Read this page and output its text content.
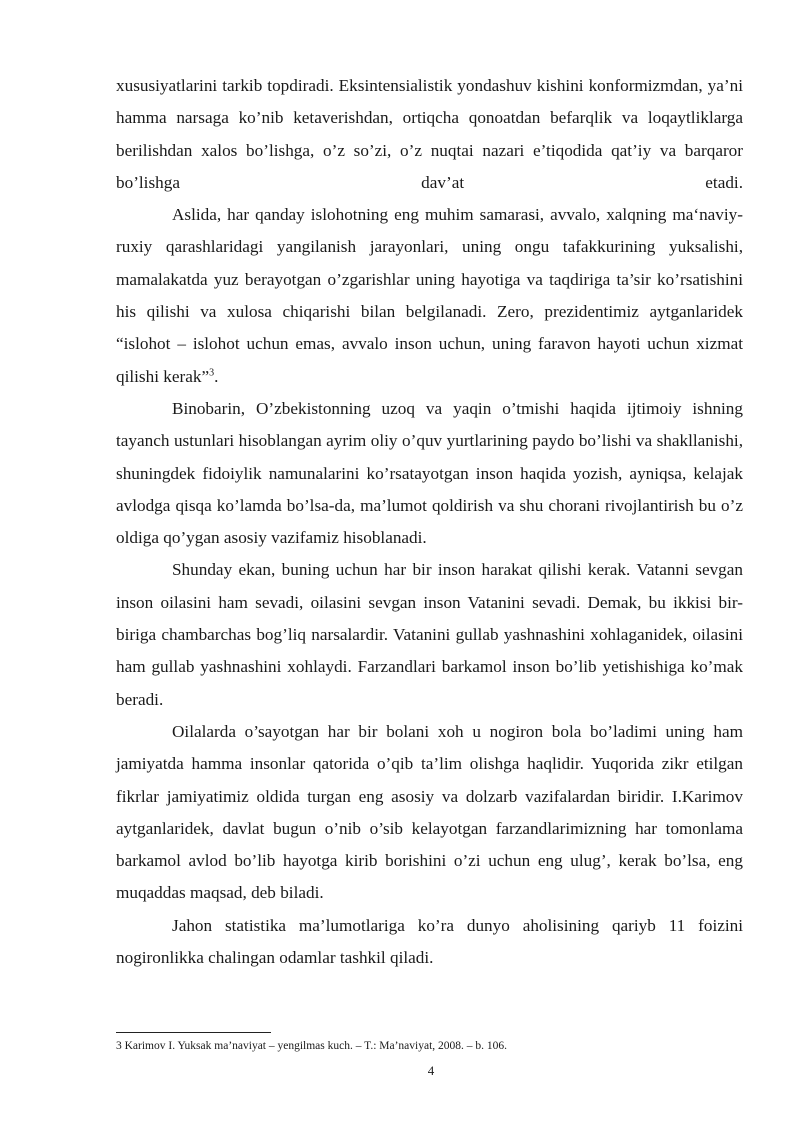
xususiyatlarini tarkib topdiradi. Eksintensialistik yondashuv kishini konformizmdan, ya’ni hamma narsaga ko’nib ketaverishdan, ortiqcha qonoatdan befarqlik va loqaytliklarga berilishdan xalos bo’lishga, o’z so’zi, o’z nuqtai nazari e’tiqodida qat’iy va barqaror bo’lishga dav’at etadi.

Aslida, har qanday islohotning eng muhim samarasi, avvalo, xalqning maʻnaviy-ruxiy qarashlaridagi yangilanish jarayonlari, uning ongu tafakkurining yuksalishi, mamalakatda yuz berayotgan o’zgarishlar uning hayotiga va taqdiriga ta’sir ko’rsatishini his qilishi va xulosa chiqarishi bilan belgilanadi. Zero, prezidentimiz aytganlaridek “islohot – islohot uchun emas, avvalo inson uchun, uning faravon hayoti uchun xizmat qilishi kerak”$^3$.

Binobarin, O’zbekistonning uzoq va yaqin o’tmishi haqida ijtimoiy ishning tayanch ustunlari hisoblangan ayrim oliy o’quv yurtlarining paydo bo’lishi va shakllanishi, shuningdek fidoiylik namunalarini ko’rsatayotgan inson haqida yozish, ayniqsa, kelajak avlodga qisqa ko’lamda bo’lsa-da, ma’lumot qoldirish va shu chorani rivojlantirish bu o’z oldiga qo’ygan asosiy vazifamiz hisoblanadi.

Shunday ekan, buning uchun har bir inson harakat qilishi kerak. Vatanni sevgan inson oilasini ham sevadi, oilasini sevgan inson Vatanini sevadi. Demak, bu ikkisi bir-biriga chambarchas bog’liq narsalardir. Vatanini gullab yashnashini xohlaganidek, oilasini ham gullab yashnashini xohlaydi. Farzandlari barkamol inson bo’lib yetishishiga ko’mak beradi.

Oilalarda o’sayotgan har bir bolani xoh u nogiron bola bo’ladimi uning ham jamiyatda hamma insonlar qatorida o’qib ta’lim olishga haqlidir. Yuqorida zikr etilgan fikrlar jamiyatimiz oldida turgan eng asosiy va dolzarb vazifalardan biridir. I.Karimov aytganlaridek, davlat bugun o’nib o’sib kelayotgan farzandlarimizning har tomonlama barkamol avlod bo’lib hayotga kirib borishini o’zi uchun eng ulug’, kerak bo’lsa, eng muqaddas maqsad, deb biladi.

Jahon statistika ma’lumotlariga ko’ra dunyo aholisining qariyb 11 foizini nogironlikka chalingan odamlar tashkil qiladi.

3 Karimov I. Yuksak ma’naviyat – yengilmas kuch. – T.: Ma’naviyat, 2008. – b. 106.
4
